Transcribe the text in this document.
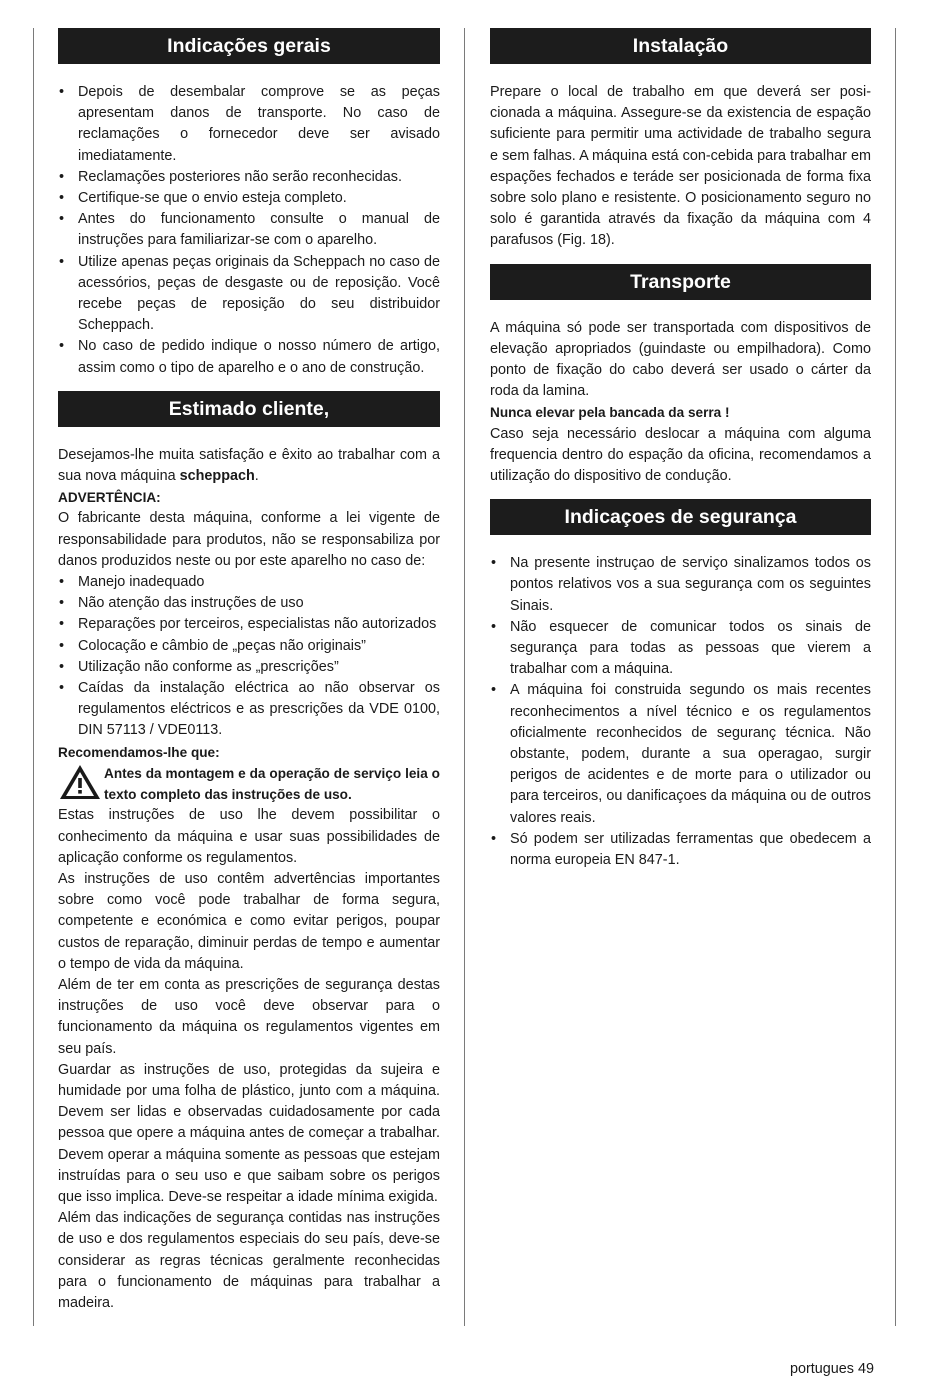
Indicações gerais
• Depois de desembalar comprove se as peças apresentam danos de transporte. No caso de reclamações o fornecedor deve ser avisado imediatamente.
• Reclamações posteriores não serão reconhecidas.
• Certifique-se que o envio esteja completo.
• Antes do funcionamento consulte o manual de instruções para familiarizar-se com o aparelho.
• Utilize apenas peças originais da Scheppach no caso de acessórios, peças de desgaste ou de reposição. Você recebe peças de reposição do seu distribuidor Scheppach.
• No caso de pedido indique o nosso número de artigo, assim como o tipo de aparelho e o ano de construção.
Estimado cliente,

Desejamos-lhe muita satisfação e êxito ao trabalhar com a sua nova máquina scheppach.

ADVERTÊNCIA:

O fabricante desta máquina, conforme a lei vigente de responsabilidade para produtos, não se responsabiliza por danos produzidos neste ou por este aparelho no caso de:

• Manejo inadequado
• Não atenção das instruções de uso
• Reparações por terceiros, especialistas não autorizados
• Colocação e câmbio de „peças não originais”
• Utilização não conforme as „prescrições”
• Caídas da instalação eléctrica ao não observar os regulamentos eléctricos e as prescrições da VDE 0100, DIN 57113 / VDE0113.

Recomendamos-lhe que:

Antes da montagem e da operação de serviço leia o texto completo das instruções de uso.

Estas instruções de uso lhe devem possibilitar o conhecimento da máquina e usar suas possibilidades de aplicação conforme os regulamentos.

As instruções de uso contêm advertências importantes sobre como você pode trabalhar de forma segura, competente e económica e como evitar perigos, poupar custos de reparação, diminuir perdas de tempo e aumentar o tempo de vida da máquina.

Além de ter em conta as prescrições de segurança destas instruções de uso você deve observar para o funcionamento da máquina os regulamentos vigentes em seu país.

Guardar as instruções de uso, protegidas da sujeira e humidade por uma folha de plástico, junto com a máquina. Devem ser lidas e observadas cuidadosamente por cada pessoa que opere a máquina antes de começar a trabalhar. Devem operar a máquina somente as pessoas que estejam instruídas para o seu uso e que saibam sobre os perigos que isso implica. Deve-se respeitar a idade mínima exigida.

Além das indicações de segurança contidas nas instruções de uso e dos regulamentos especiais do seu país, deve-se considerar as regras técnicas geralmente reconhecidas para o funcionamento de máquinas para trabalhar a madeira.

Instalação

Prepare o local de trabalho em que deverá ser posi-cionada a máquina. Assegure-se da existencia de espação suficiente para permitir uma actividade de trabalho segura e sem falhas. A máquina está con-cebida para trabalhar em espações fechados e teráde ser posicionada de forma fixa sobre solo plano e resistente. O posicionamento seguro no solo é garantida através da fixação da máquina com 4 parafusos (Fig. 18).

Transporte

A máquina só pode ser transportada com dispositivos de elevação apropriados (guindaste ou empilhadora). Como ponto de fixação do cabo deverá ser usado o cárter da roda da lamina.

Nunca elevar pela bancada da serra !

Caso seja necessário deslocar a máquina com alguma frequencia dentro do espação da oficina, recomendamos a utilização do dispositivo de condução.

Indicaçoes de segurança
• Na presente instruçao de serviço sinalizamos todos os pontos relativos vos a sua segurança com os seguintes Sinais.
• Não esquecer de comunicar todos os sinais de segurança para todas as pessoas que vierem a trabalhar com a máquina.
• A máquina foi construida segundo os mais recentes reconhecimentos a nível técnico e os regulamentos oficialmente reconhecidos de seguranç técnica. Não obstante, podem, durante a sua operagao, surgir perigos de acidentes e de morte para o utilizador ou para terceiros, ou danificaçoes da máquina ou de outros valores reais.
• Só podem ser utilizadas ferramentas que obedecem a norma europeia EN 847-1.
portugues 49
